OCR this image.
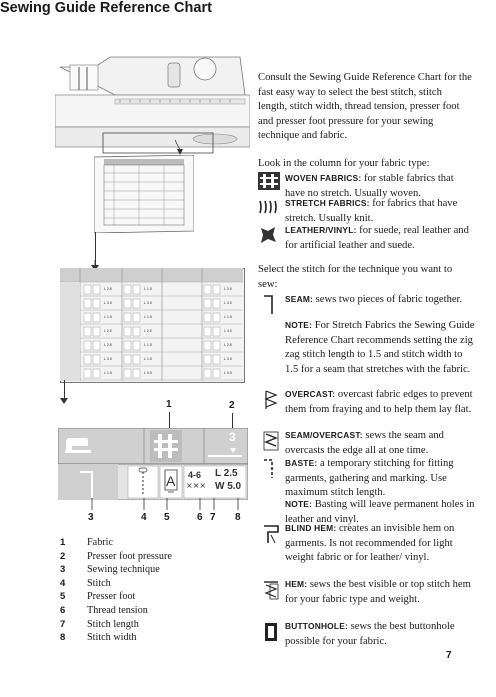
L 2.5	L 1.5	L 3.0
L 3.0	L 3.0	L 4.0
L 1.5	L 1.5	L 1.5
L 2.0	L 2.0	L 4.0
L 2.5	L 1.5	L 2.5
L 3.0	L 1.5	L 3.0
L 1.5	L 0.5	L 0.5
1	2
3
A 4-6
⨯⨯⨯
L 2.5
W 5.0
3	4 5	6 7 8
1 Fabric
2 Presser foot pressure
3 Sewing technique
4 Stitch
5 Presser foot
6 Thread tension
7 Stitch length
8 Stitch width
Sewing Guide Reference Chart
Consult the Sewing Guide Reference Chart for the fast easy way to select the best stitch, stitch length, stitch width, thread tension, presser foot and presser foot pressure for your sewing technique and fabric.
Look in the column for your fabric type:
WOVEN FABRICS: for stable fabrics that have no stretch. Usually woven.
STRETCH FABRICS: for fabrics that have stretch. Usually knit.
LEATHER/VINYL: for suede, real leather and for artificial leather and suede.
Select the stitch for the technique you want to sew:
SEAM: sews two pieces of fabric together.
NOTE: For Stretch Fabrics the Sewing Guide Reference Chart recommends setting the zig zag stitch length to 1.5 and stitch width to 1.5 for a seam that stretches with the fabric.
OVERCAST: overcast fabric edges to prevent them from fraying and to help them lay flat.
SEAM/OVERCAST: sews the seam and overcasts the edge all at one time.
BASTE: a temporary stitching for fitting garments, gathering and marking. Use maximum stitch length.
NOTE: Basting will leave permanent holes in leather and vinyl.
BLIND HEM: creates an invisible hem on garments. Is not recommended for light weight fabric or for leather/ vinyl.
HEM: sews the best visible or top stitch hem for your fabric type and weight.
BUTTONHOLE: sews the best buttonhole possible for your fabric.
7
